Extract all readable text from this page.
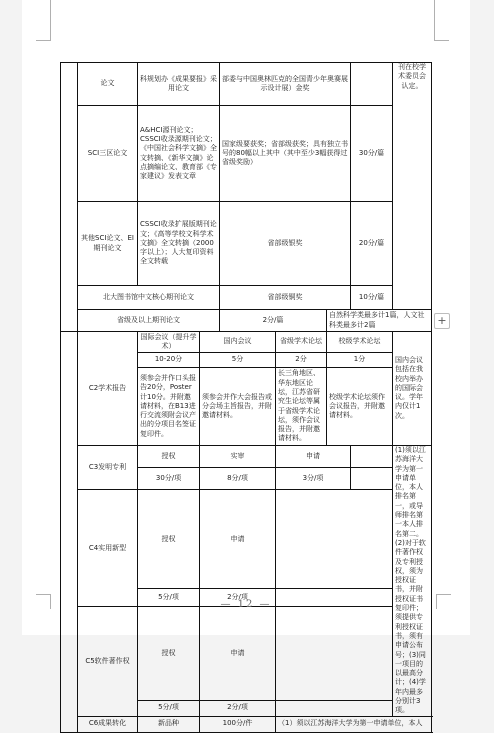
	论文	科规划办《成果要报》采用论文		部委与中国奥林匹克的全国青少年奥赛展示设计展）金奖				刊在校学术委员会认定。
	SCI三区论文	A&HCI源刊论文；CSSCI收录源期刊论文；《中国社会科学文摘》全文转摘、《新华文摘》论点摘编论文、教育部《专家建议》发表文章		国家级要获奖；省部级获奖；具有独立书号的80幅以上其中（其中至少3幅获得过省级奖励）			30分/篇	
	其他SCI论文、EI期刊论文	CSSCI收录扩展版期刊论文；《高等学校文科学术文摘》全文转摘（2000字以上）；人大复印资料全文转载		省部级银奖			20分/篇	
	北大图书馆中文核心期刊论文			省部级铜奖			10分/篇	
	省级及以上期刊论文			2分/篇		自然科学类最多计1篇，人文社科类最多计2篇		
	C2学术报告	国际会议（提升学术）	国内会议		省级学术论坛	校级学术论坛		国内会议包括在我校内举办的国际会议。学年内仅计1次。
		10-20分	5分		2分	1分		
		须参会并作口头报告20分，Poster计10分。并附邀请材料，在B13进行交流须附会议产出的分项目名签证复印件。	须参会并作大会报告或分会场主旨报告，并附邀请材料。		长三角地区、华东地区论坛，江苏省研究生论坛等属于省级学术论坛，须作会议报告，并附邀请材料。	校级学术论坛须作会议报告，并附邀请材料。		
	C3发明专利	授权	实审		申请			(1)须以江苏海洋大学为第一申请单位，本人排名第一，或导师排名第一本人排名第二。(2)对于软件著作权及专利授权，须为授权证书，并附授权证书复印件；须提供专利授权证书，须有申请公布号；(3)同一项目的以最高分计；(4)学年内最多分别计3项。
		30分/项	8分/项		3分/项			
	C4实用新型	授权	申请					
		5分/项	2分/项					
	C5软件著作权	授权	申请					
		5分/项	2分/项					
	C6成果转化	新品种	100分/件		（1）须以江苏海洋大学为第一申请单位，本人			
— 12 —
+
